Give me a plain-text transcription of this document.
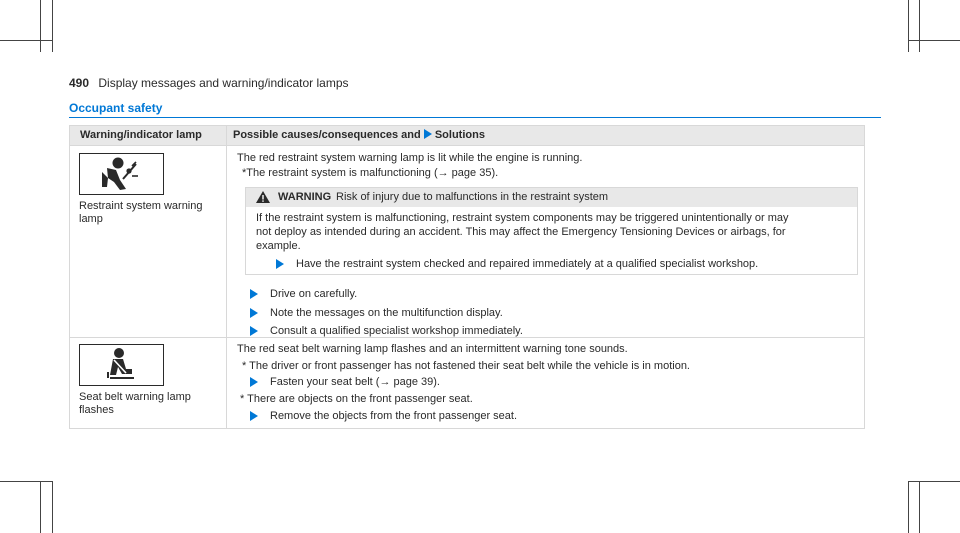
490 Display messages and warning/indicator lamps
Occupant safety
Warning/indicator lamp	Possible causes/consequences and Solutions
Restraint system warning
lamp
The red restraint system warning lamp is lit while the engine is running.
*The restraint system is malfunctioning (→ page 35).
WARNING Risk of injury due to malfunctions in the restraint system
If the restraint system is malfunctioning, restraint system components may be triggered unintentionally or may
not deploy as intended during an accident. This may affect the Emergency Tensioning Devices or airbags, for
example.
Have the restraint system checked and repaired immediately at a qualified specialist workshop.
Drive on carefully.
Note the messages on the multifunction display.
Consult a qualified specialist workshop immediately.
Seat belt warning lamp
flashes
The red seat belt warning lamp flashes and an intermittent warning tone sounds.
* The driver or front passenger has not fastened their seat belt while the vehicle is in motion.
Fasten your seat belt (→ page 39).
* There are objects on the front passenger seat.
Remove the objects from the front passenger seat.
